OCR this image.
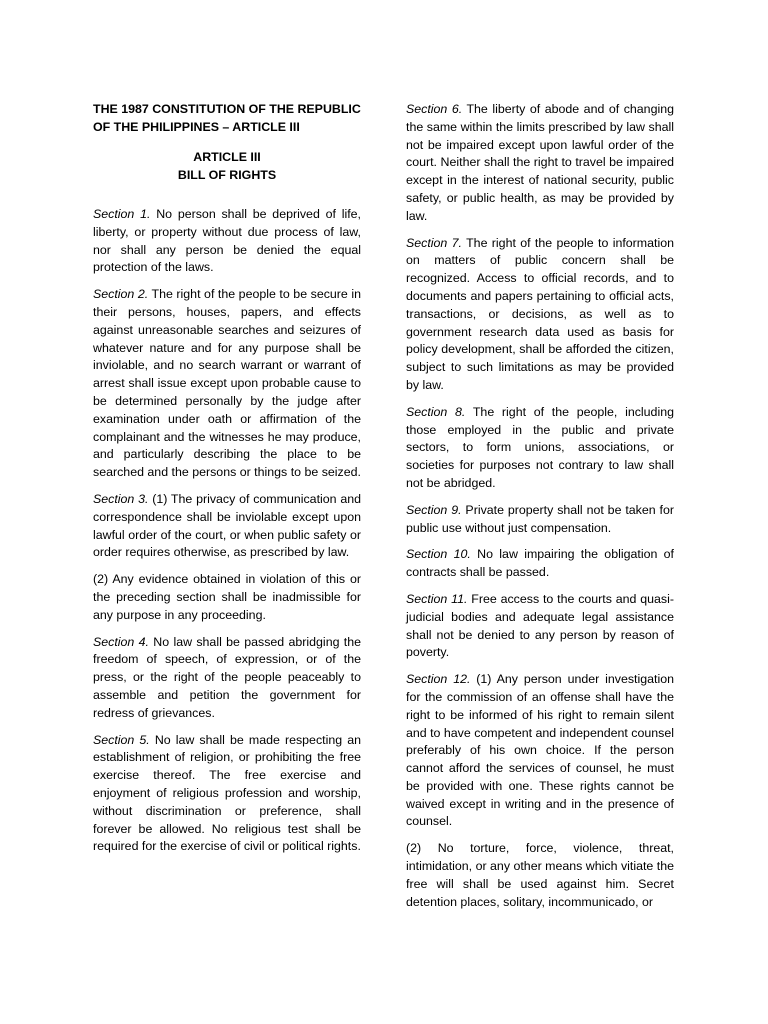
THE 1987 CONSTITUTION OF THE REPUBLIC OF THE PHILIPPINES – ARTICLE III

ARTICLE III
BILL OF RIGHTS

Section 1. No person shall be deprived of life, liberty, or property without due process of law, nor shall any person be denied the equal protection of the laws.

Section 2. The right of the people to be secure in their persons, houses, papers, and effects against unreasonable searches and seizures of whatever nature and for any purpose shall be inviolable, and no search warrant or warrant of arrest shall issue except upon probable cause to be determined personally by the judge after examination under oath or affirmation of the complainant and the witnesses he may produce, and particularly describing the place to be searched and the persons or things to be seized.

Section 3. (1) The privacy of communication and correspondence shall be inviolable except upon lawful order of the court, or when public safety or order requires otherwise, as prescribed by law.

(2) Any evidence obtained in violation of this or the preceding section shall be inadmissible for any purpose in any proceeding.

Section 4. No law shall be passed abridging the freedom of speech, of expression, or of the press, or the right of the people peaceably to assemble and petition the government for redress of grievances.

Section 5. No law shall be made respecting an establishment of religion, or prohibiting the free exercise thereof. The free exercise and enjoyment of religious profession and worship, without discrimination or preference, shall forever be allowed. No religious test shall be required for the exercise of civil or political rights.

Section 6. The liberty of abode and of changing the same within the limits prescribed by law shall not be impaired except upon lawful order of the court. Neither shall the right to travel be impaired except in the interest of national security, public safety, or public health, as may be provided by law.

Section 7. The right of the people to information on matters of public concern shall be recognized. Access to official records, and to documents and papers pertaining to official acts, transactions, or decisions, as well as to government research data used as basis for policy development, shall be afforded the citizen, subject to such limitations as may be provided by law.

Section 8. The right of the people, including those employed in the public and private sectors, to form unions, associations, or societies for purposes not contrary to law shall not be abridged.

Section 9. Private property shall not be taken for public use without just compensation.

Section 10. No law impairing the obligation of contracts shall be passed.

Section 11. Free access to the courts and quasi-judicial bodies and adequate legal assistance shall not be denied to any person by reason of poverty.

Section 12. (1) Any person under investigation for the commission of an offense shall have the right to be informed of his right to remain silent and to have competent and independent counsel preferably of his own choice. If the person cannot afford the services of counsel, he must be provided with one. These rights cannot be waived except in writing and in the presence of counsel.

(2) No torture, force, violence, threat, intimidation, or any other means which vitiate the free will shall be used against him. Secret detention places, solitary, incommunicado, or
